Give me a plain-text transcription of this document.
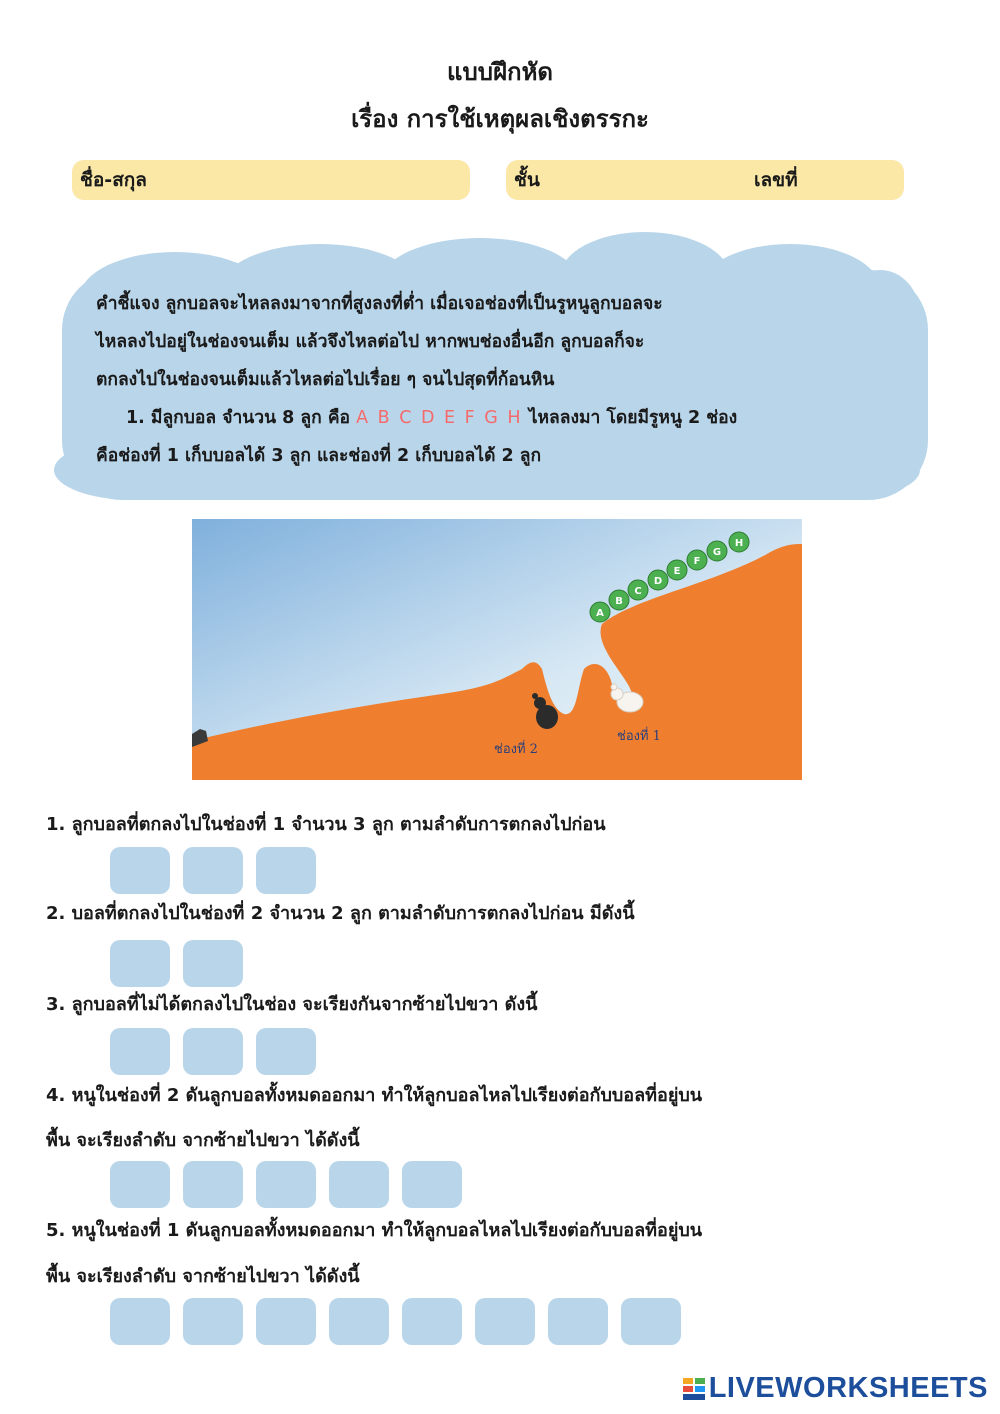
แบบฝึกหัด
เรื่อง การใช้เหตุผลเชิงตรรกะ
ชื่อ-สกุล	ชั้น	เลขที่
คำชี้แจง ลูกบอลจะไหลลงมาจากที่สูงลงที่ต่ำ เมื่อเจอช่องที่เป็นรูหนูลูกบอลจะ
ไหลลงไปอยู่ในช่องจนเต็ม แล้วจึงไหลต่อไป หากพบช่องอื่นอีก ลูกบอลก็จะ
ตกลงไปในช่องจนเต็มแล้วไหลต่อไปเรื่อย ๆ จนไปสุดที่ก้อนหิน
1. มีลูกบอล จำนวน 8 ลูก คือ A B C D E F G H ไหลลงมา โดยมีรูหนู 2 ช่อง
คือช่องที่ 1 เก็บบอลได้ 3 ลูก และช่องที่ 2 เก็บบอลได้ 2 ลูก
A
B
C
D
E
F
G
H
ช่องที่ 2
ช่องที่ 1
1. ลูกบอลที่ตกลงไปในช่องที่ 1 จำนวน 3 ลูก ตามลำดับการตกลงไปก่อน
2. บอลที่ตกลงไปในช่องที่ 2 จำนวน 2 ลูก ตามลำดับการตกลงไปก่อน มีดังนี้
3. ลูกบอลที่ไม่ได้ตกลงไปในช่อง จะเรียงกันจากซ้ายไปขวา ดังนี้
4. หนูในช่องที่ 2 ดันลูกบอลทั้งหมดออกมา ทำให้ลูกบอลไหลไปเรียงต่อกับบอลที่อยู่บน
พื้น จะเรียงลำดับ จากซ้ายไปขวา ได้ดังนี้
5. หนูในช่องที่ 1 ดันลูกบอลทั้งหมดออกมา ทำให้ลูกบอลไหลไปเรียงต่อกับบอลที่อยู่บน
พื้น จะเรียงลำดับ จากซ้ายไปขวา ได้ดังนี้
LIVEWORKSHEETS
